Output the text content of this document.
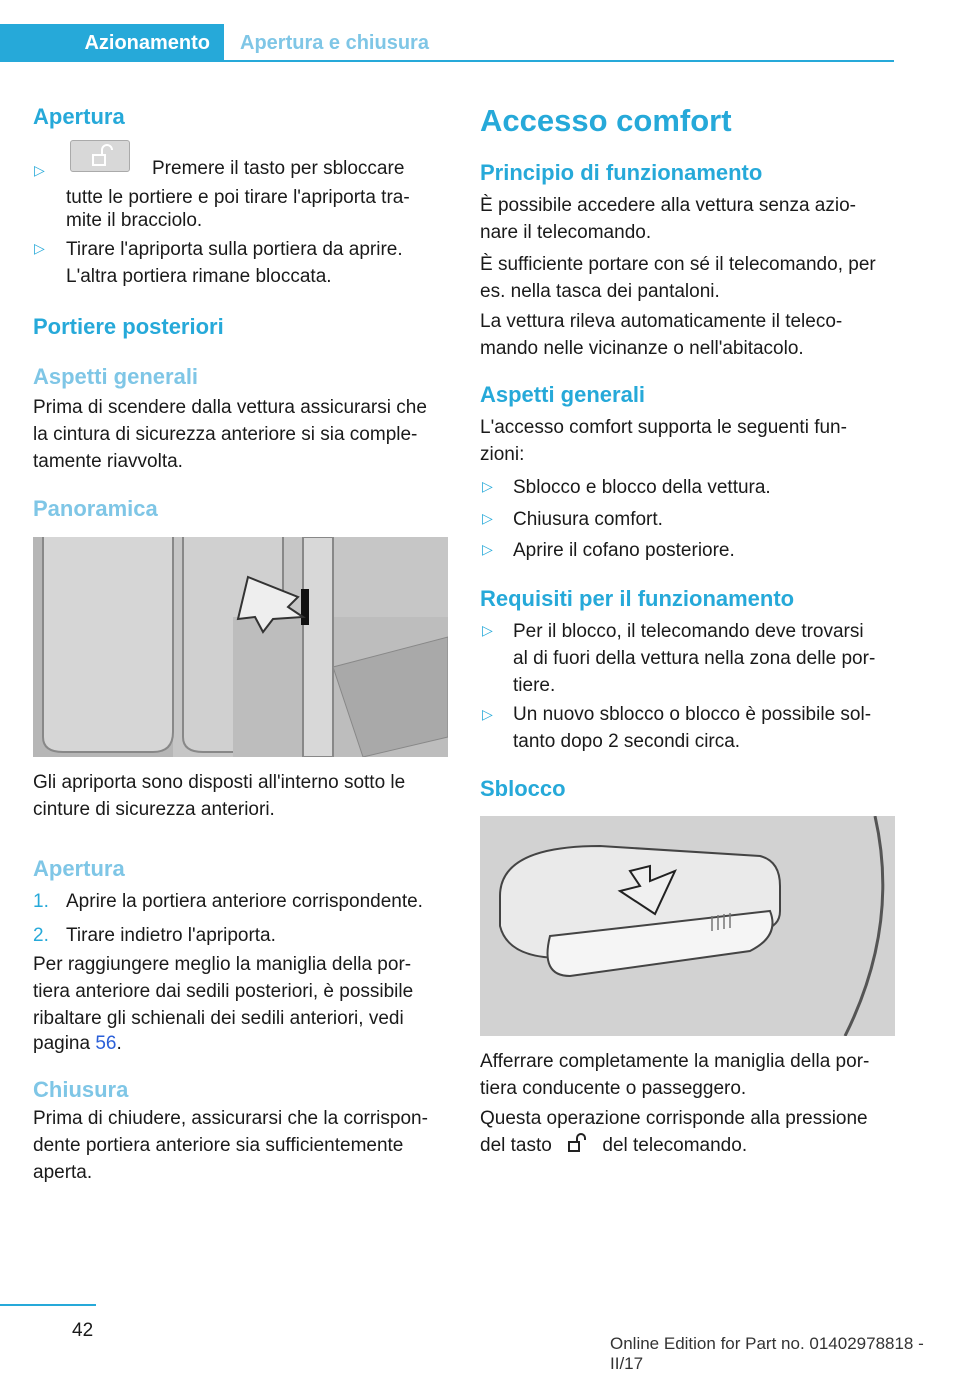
Azionamento	Apertura e chiusura
Apertura
▷	Premere il tasto per sbloccare
tutte le portiere e poi tirare l'apriporta tra‐
mite il bracciolo.
▷ Tirare l'apriporta sulla portiera da aprire.
L'altra portiera rimane bloccata.
Portiere posteriori
Aspetti generali
Prima di scendere dalla vettura assicurarsi che
la cintura di sicurezza anteriore si sia comple‐
tamente riavvolta.
Panoramica
Gli apriporta sono disposti all'interno sotto le
cinture di sicurezza anteriori.
Apertura
1. Aprire la portiera anteriore corrispondente.
2. Tirare indietro l'apriporta.
Per raggiungere meglio la maniglia della por‐
tiera anteriore dai sedili posteriori, è possibile
ribaltare gli schienali dei sedili anteriori, vedi
pagina 56.
Chiusura
Prima di chiudere, assicurarsi che la corrispon‐
dente portiera anteriore sia sufficientemente
aperta.
Accesso comfort
Principio di funzionamento
È possibile accedere alla vettura senza azio‐
nare il telecomando.
È sufficiente portare con sé il telecomando, per
es. nella tasca dei pantaloni.
La vettura rileva automaticamente il teleco‐
mando nelle vicinanze o nell'abitacolo.
Aspetti generali
L'accesso comfort supporta le seguenti fun‐
zioni:
▷ Sblocco e blocco della vettura.
▷ Chiusura comfort.
▷ Aprire il cofano posteriore.
Requisiti per il funzionamento
▷ Per il blocco, il telecomando deve trovarsi
al di fuori della vettura nella zona delle por‐
tiere.
▷ Un nuovo sblocco o blocco è possibile sol‐
tanto dopo 2 secondi circa.
Sblocco
Afferrare completamente la maniglia della por‐
tiera conducente o passeggero.
Questa operazione corrisponde alla pressione
del tasto	del telecomando.
42
Online Edition for Part no. 01402978818 - II/17
